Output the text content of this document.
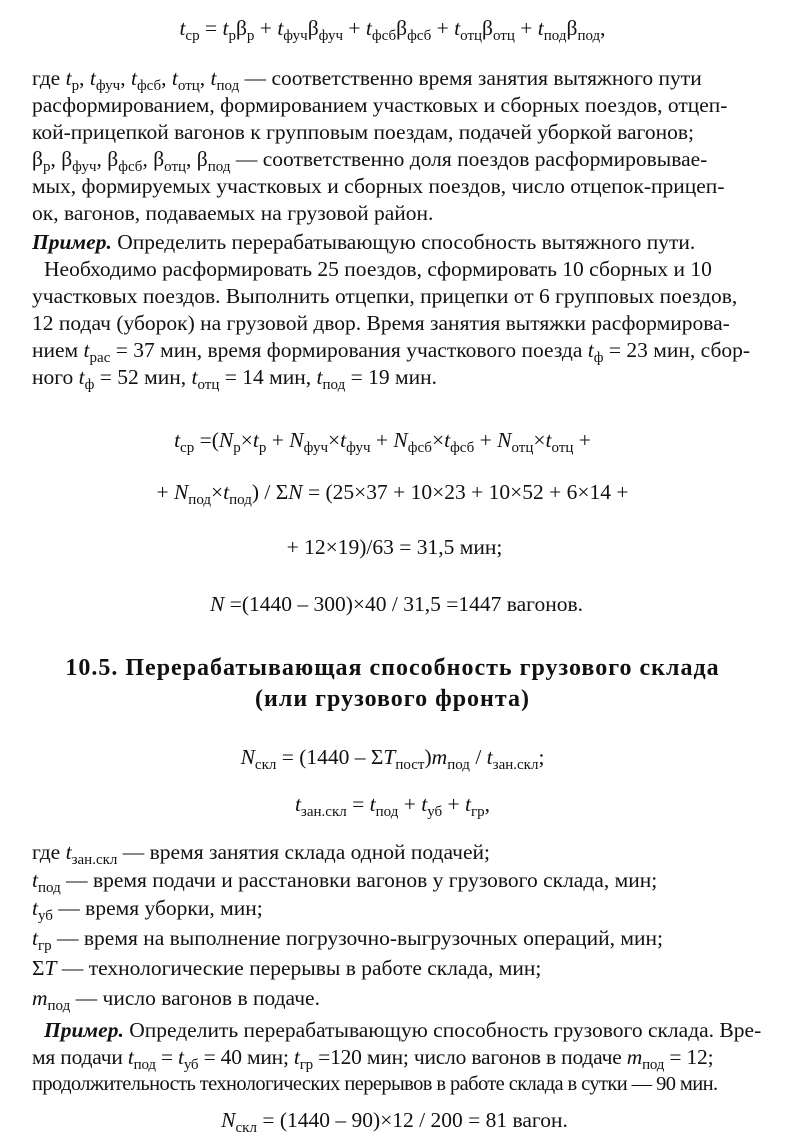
$t_{ср} = t_р\beta_р + t_{фуч}\beta_{фуч} + t_{фсб}\beta_{фсб} + t_{отц}\beta_{отц} + t_{под}\beta_{под}$,
где $t_р$, $t_{фуч}$, $t_{фсб}$, $t_{отц}$, $t_{под}$ — соответственно время занятия вытяжного пути
расформированием, формированием участковых и сборных поездов, отцеп-
кой-прицепкой вагонов к групповым поездам, подачей уборкой вагонов;
$\beta_р$, $\beta_{фуч}$, $\beta_{фсб}$, $\beta_{отц}$, $\beta_{под}$ — соответственно доля поездов расформировывае-
мых, формируемых участковых и сборных поездов, число отцепок-прицеп-
ок, вагонов, подаваемых на грузовой район.
Пример. Определить перерабатывающую способность вытяжного пути.
Необходимо расформировать 25 поездов, сформировать 10 сборных и 10
участковых поездов. Выполнить отцепки, прицепки от 6 групповых поездов,
12 подач (уборок) на грузовой двор. Время занятия вытяжки расформирова-
нием $t_{рас} = 37$ мин, время формирования участкового поезда $t_ф = 23$ мин, сбор-
ного $t_ф = 52$ мин, $t_{отц} = 14$ мин, $t_{под} = 19$ мин.
$t_{ср} =(N_р\times t_р + N_{фуч}\times t_{фуч} + N_{фсб}\times t_{фсб} + N_{отц}\times t_{отц}$ +
+ $N_{под}\times t_{под}) / \Sigma N = (25\times 37 + 10\times 23 + 10\times 52 + 6\times 14$ +
+ 12×19)/63 = 31,5 мин;
N =(1440 – 300)×40 / 31,5 =1447 вагонов.
10.5. Перерабатывающая способность грузового склада
(или грузового фронта)
$N_{скл} = (1440 - \Sigma T_{пост})m_{под} / t_{зан.скл}$;
$t_{зан.скл} = t_{под} + t_{уб} + t_{гр}$,
где $t_{зан.скл}$ — время занятия склада одной подачей;
$t_{под}$ — время подачи и расстановки вагонов у грузового склада, мин;
$t_{уб}$ — время уборки, мин;
$t_{гр}$ — время на выполнение погрузочно-выгрузочных операций, мин;
ΣT — технологические перерывы в работе склада, мин;
$m_{под}$ — число вагонов в подаче.
Пример. Определить перерабатывающую способность грузового склада. Вре-
мя подачи $t_{под} = t_{уб} = 40$ мин; $t_{гр} =120$ мин; число вагонов в подаче $m_{под} = 12$;
продолжительность технологических перерывов в работе склада в сутки — 90 мин.
$N_{скл} = (1440 - 90)\times 12 / 200 = 81$ вагон.
